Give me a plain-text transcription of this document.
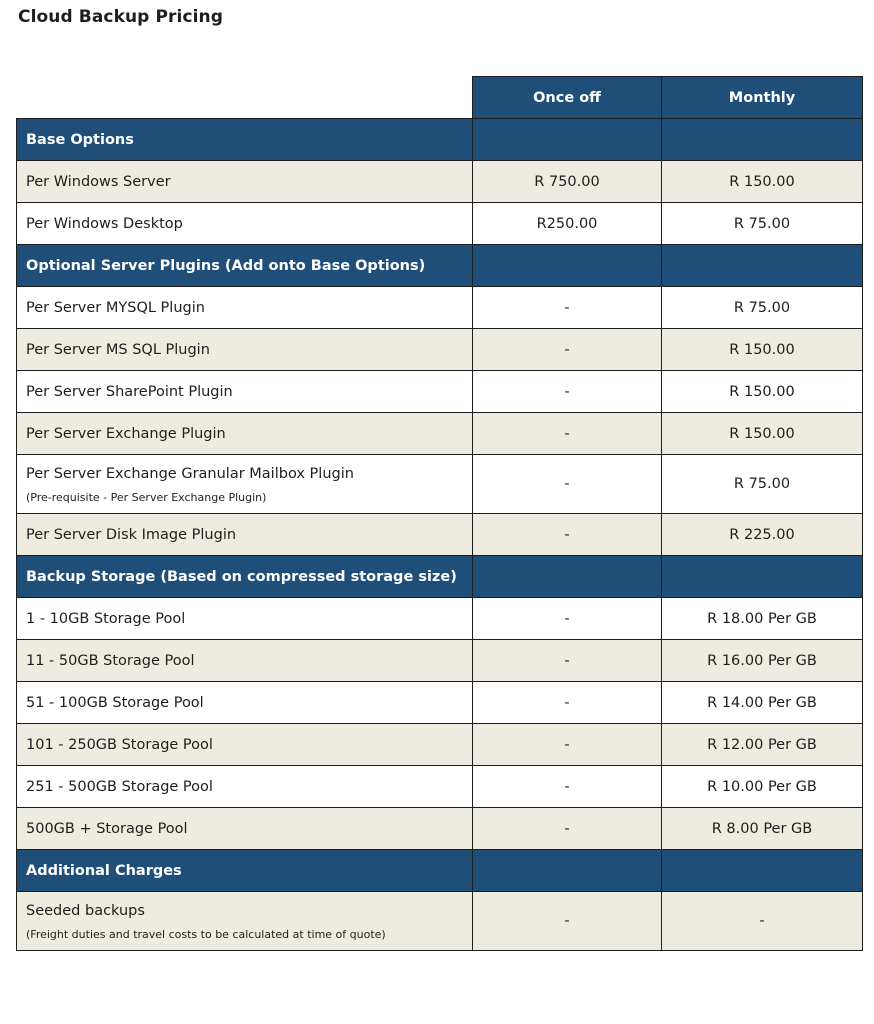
Cloud Backup Pricing
	Once off	Monthly
Base Options		
Per Windows Server	R 750.00	R 150.00
Per Windows Desktop	R250.00	R 75.00
Optional Server Plugins (Add onto Base Options)		
Per Server MYSQL Plugin	-	R 75.00
Per Server MS SQL Plugin	-	R 150.00
Per Server SharePoint Plugin	-	R 150.00
Per Server Exchange Plugin	-	R 150.00

Per Server Exchange Granular Mailbox Plugin
(Pre-requisite - Per Server Exchange Plugin)	-	R 75.00
Per Server Disk Image Plugin	-	R 225.00
Backup Storage (Based on compressed storage size)		
1 - 10GB Storage Pool	-	R 18.00 Per GB
11 - 50GB Storage Pool	-	R 16.00 Per GB
51 - 100GB Storage Pool	-	R 14.00 Per GB
101 - 250GB Storage Pool	-	R 12.00 Per GB
251 - 500GB Storage Pool	-	R 10.00 Per GB
500GB + Storage Pool	-	R 8.00 Per GB
Additional Charges		

Seeded backups
(Freight duties and travel costs to be calculated at time of quote)	-	-
